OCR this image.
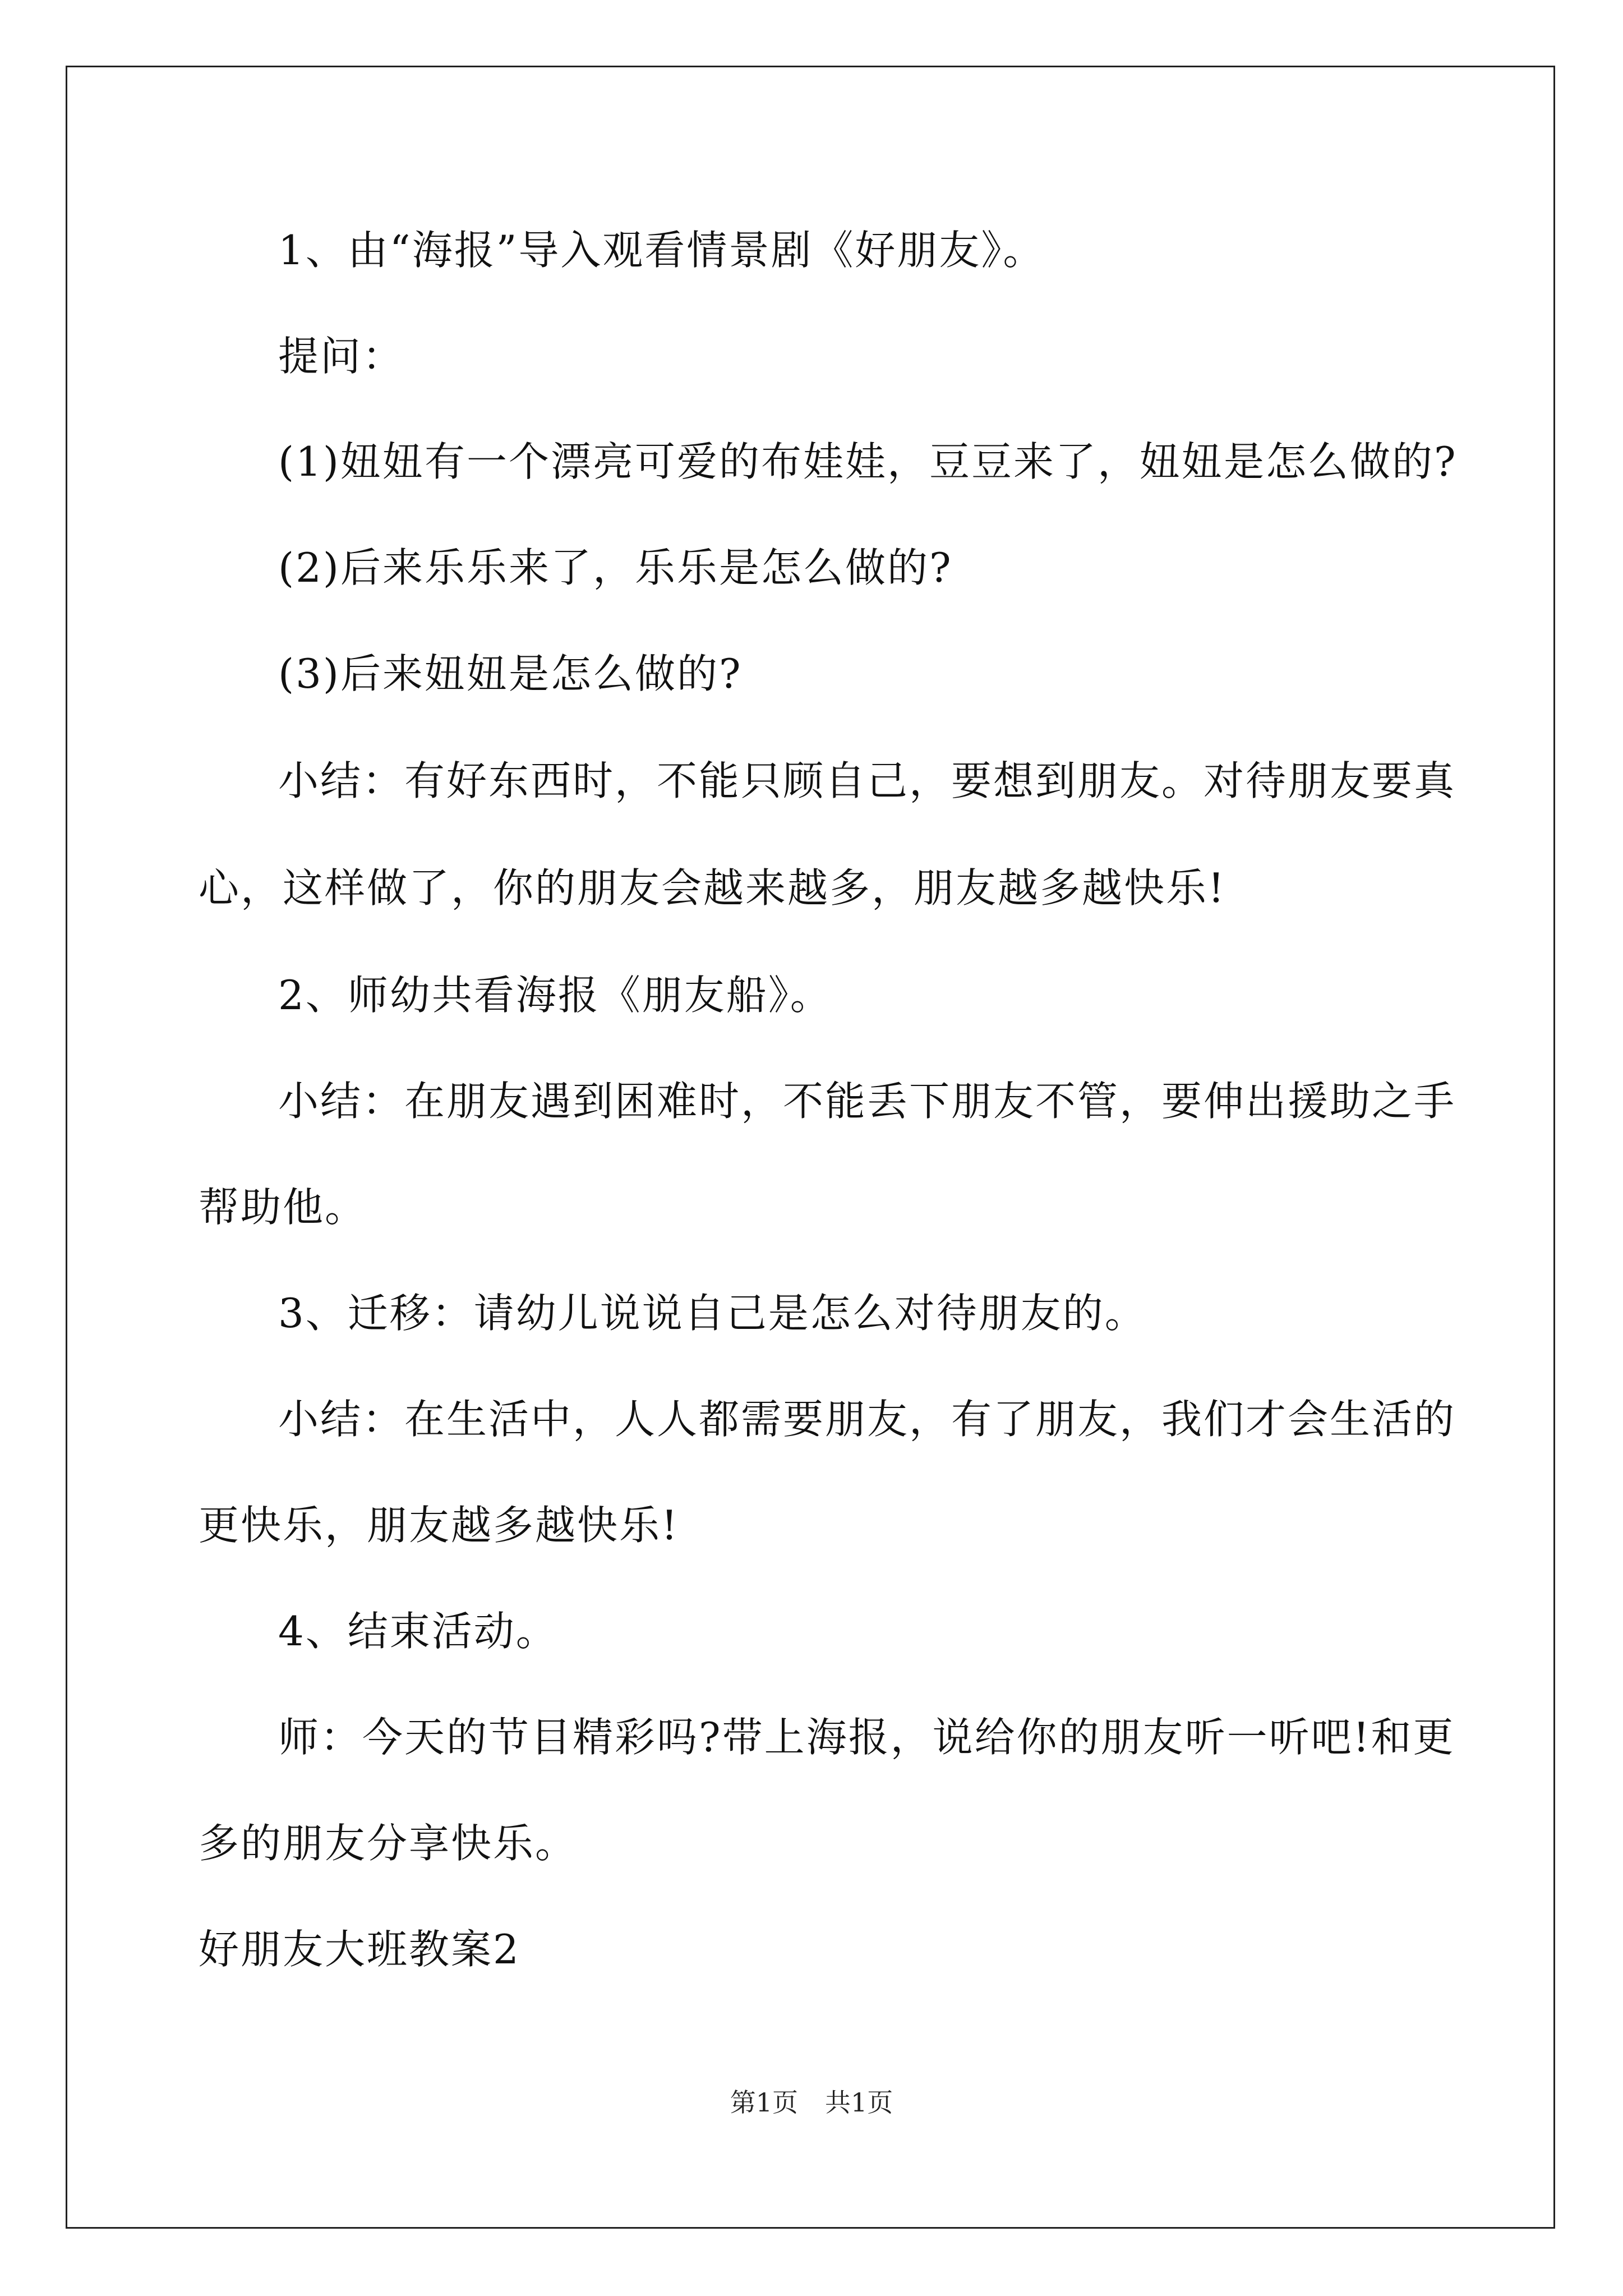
1、由“海报”导入观看情景剧《好朋友》。
提问：
(1)妞妞有一个漂亮可爱的布娃娃，豆豆来了，妞妞是怎么做的?
(2)后来乐乐来了，乐乐是怎么做的?
(3)后来妞妞是怎么做的?
小结：有好东西时，不能只顾自己，要想到朋友。对待朋友要真
心，这样做了，你的朋友会越来越多，朋友越多越快乐!
2、师幼共看海报《朋友船》。
小结：在朋友遇到困难时，不能丢下朋友不管，要伸出援助之手
帮助他。
3、迁移：请幼儿说说自己是怎么对待朋友的。
小结：在生活中，人人都需要朋友，有了朋友，我们才会生活的
更快乐，朋友越多越快乐!
4、结束活动。
师：今天的节目精彩吗?带上海报，说给你的朋友听一听吧!和更
多的朋友分享快乐。
好朋友大班教案2
第1页 共1页
